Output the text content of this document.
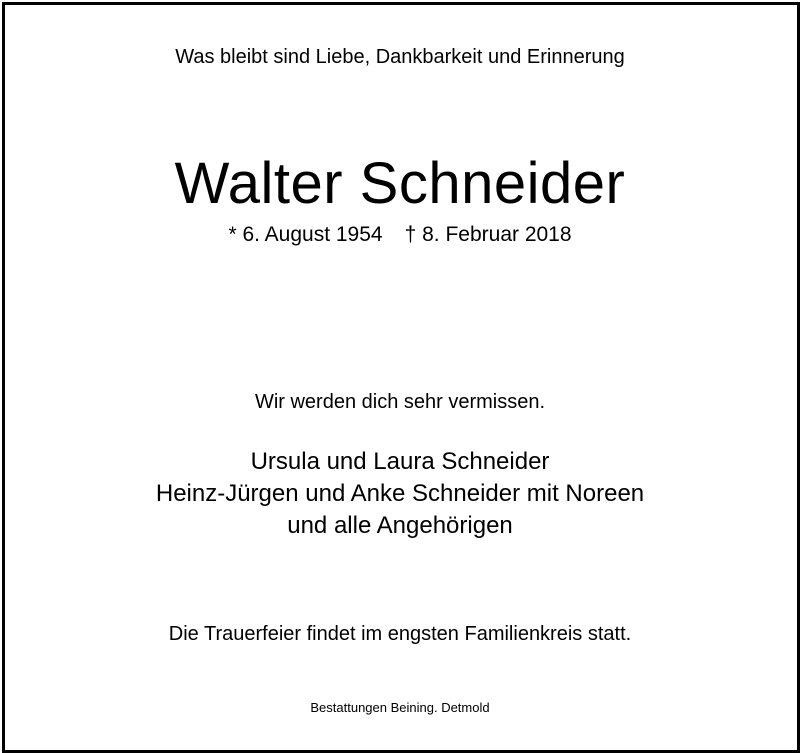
Was bleibt sind Liebe, Dankbarkeit und Erinnerung
Walter Schneider
* 6. August 1954 † 8. Februar 2018
Wir werden dich sehr vermissen.
Ursula und Laura Schneider
Heinz-Jürgen und Anke Schneider mit Noreen
und alle Angehörigen
Die Trauerfeier findet im engsten Familienkreis statt.
Bestattungen Beining. Detmold
